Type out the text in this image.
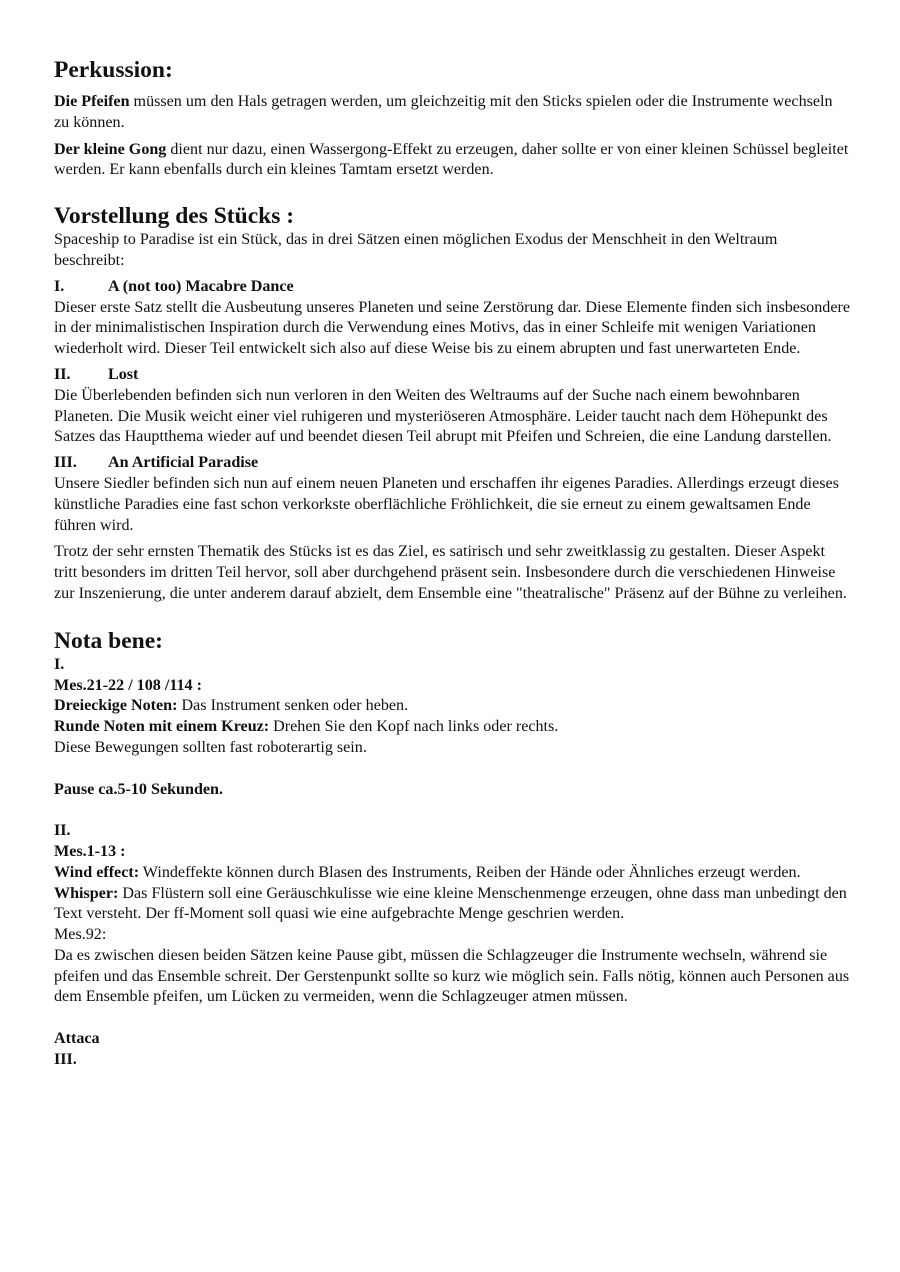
Perkussion:

Die Pfeifen müssen um den Hals getragen werden, um gleichzeitig mit den Sticks spielen oder die Instrumente wechseln zu können.

Der kleine Gong dient nur dazu, einen Wassergong-Effekt zu erzeugen, daher sollte er von einer kleinen Schüssel begleitet werden. Er kann ebenfalls durch ein kleines Tamtam ersetzt werden.

Vorstellung des Stücks :

Spaceship to Paradise ist ein Stück, das in drei Sätzen einen möglichen Exodus der Menschheit in den Weltraum beschreibt:

I.	A (not too) Macabre Dance

Dieser erste Satz stellt die Ausbeutung unseres Planeten und seine Zerstörung dar. Diese Elemente finden sich insbesondere in der minimalistischen Inspiration durch die Verwendung eines Motivs, das in einer Schleife mit wenigen Variationen wiederholt wird. Dieser Teil entwickelt sich also auf diese Weise bis zu einem abrupten und fast unerwarteten Ende.

II.	Lost

Die Überlebenden befinden sich nun verloren in den Weiten des Weltraums auf der Suche nach einem bewohnbaren Planeten. Die Musik weicht einer viel ruhigeren und mysteriöseren Atmosphäre. Leider taucht nach dem Höhepunkt des Satzes das Hauptthema wieder auf und beendet diesen Teil abrupt mit Pfeifen und Schreien, die eine Landung darstellen.

III.	An Artificial Paradise

Unsere Siedler befinden sich nun auf einem neuen Planeten und erschaffen ihr eigenes Paradies. Allerdings erzeugt dieses künstliche Paradies eine fast schon verkorkste oberflächliche Fröhlichkeit, die sie erneut zu einem gewaltsamen Ende führen wird.

Trotz der sehr ernsten Thematik des Stücks ist es das Ziel, es satirisch und sehr zweitklassig zu gestalten. Dieser Aspekt tritt besonders im dritten Teil hervor, soll aber durchgehend präsent sein. Insbesondere durch die verschiedenen Hinweise zur Inszenierung, die unter anderem darauf abzielt, dem Ensemble eine "theatralische" Präsenz auf der Bühne zu verleihen.

Nota bene:

I.

Mes.21-22 / 108 /114 :

Dreieckige Noten: Das Instrument senken oder heben.

Runde Noten mit einem Kreuz: Drehen Sie den Kopf nach links oder rechts.

Diese Bewegungen sollten fast roboterartig sein.

Pause ca.5-10 Sekunden.

II.

Mes.1-13 :

Wind effect: Windeffekte können durch Blasen des Instruments, Reiben der Hände oder Ähnliches erzeugt werden.

Whisper: Das Flüstern soll eine Geräuschkulisse wie eine kleine Menschenmenge erzeugen, ohne dass man unbedingt den Text versteht. Der ff-Moment soll quasi wie eine aufgebrachte Menge geschrien werden.

Mes.92:

Da es zwischen diesen beiden Sätzen keine Pause gibt, müssen die Schlagzeuger die Instrumente wechseln, während sie pfeifen und das Ensemble schreit. Der Gerstenpunkt sollte so kurz wie möglich sein. Falls nötig, können auch Personen aus dem Ensemble pfeifen, um Lücken zu vermeiden, wenn die Schlagzeuger atmen müssen.

Attaca

III.
